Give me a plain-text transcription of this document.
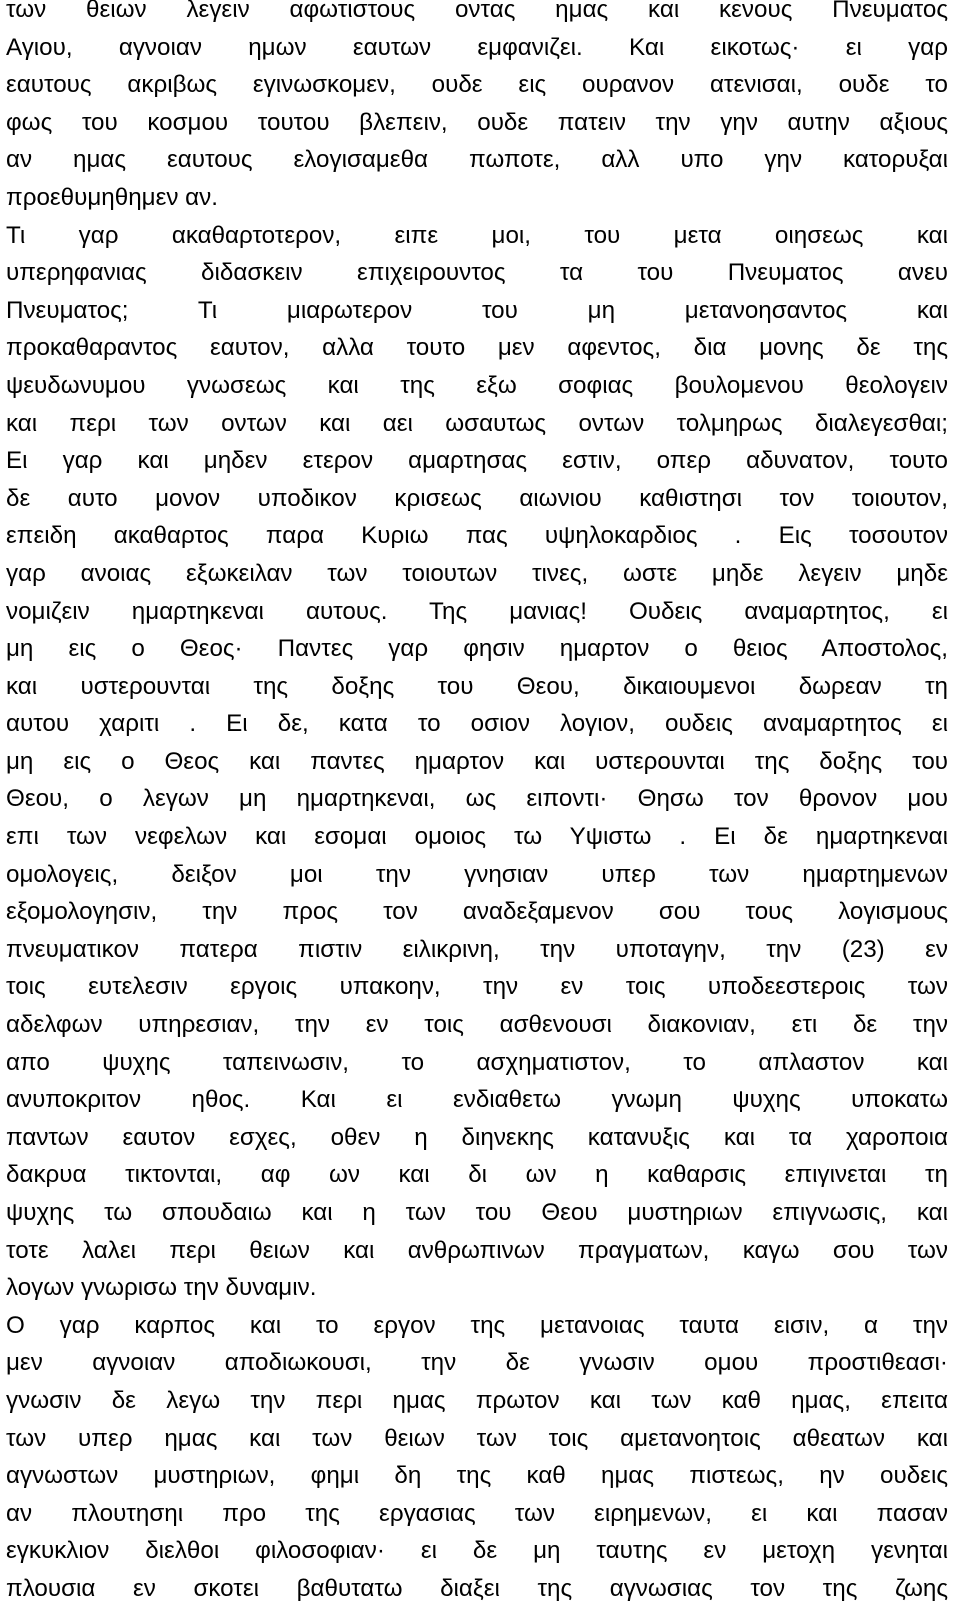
των θειων λεγειν αφωτιστους οντας ημας και κενους Πνευματος
Αγιου, αγνοιαν ημων εαυτων εμφανιζει. Και εικοτως· ει γαρ
εαυτους ακριβως εγινωσκομεν, ουδε εις ουρανον ατενισαι, ουδε το
φως του κοσμου τουτου βλεπειν, ουδε πατειν την γην αυτην αξιους
αν ημας εαυτους ελογισαμεθα πωποτε, αλλ υπο γην κατορυξαι
προεθυμηθημεν αν.
Τι γαρ ακαθαρτοτερον, ειπε μοι, του μετα οιησεως και
υπερηφανιας διδασκειν επιχειρουντος τα του Πνευματος ανευ
Πνευματος; Τι μιαρωτερον του μη μετανοησαντος και
προκαθαραντος εαυτον, αλλα τουτο μεν αφεντος, δια μονης δε της
ψευδωνυμου γνωσεως και της εξω σοφιας βουλομενου θεολογειν
και περι των οντων και αει ωσαυτως οντων τολμηρως διαλεγεσθαι;
Ει γαρ και μηδεν ετερον αμαρτησας εστιν, οπερ αδυνατον, τουτο
δε αυτο μονον υποδικον κρισεως αιωνιου καθιστησι τον τοιουτον,
επειδη ακαθαρτος παρα Κυριω πας υψηλοκαρδιος . Εις τοσουτον
γαρ ανοιας εξωκειλαν των τοιουτων τινες, ωστε μηδε λεγειν μηδε
νομιζειν ημαρτηκεναι αυτους. Της μανιας! Ουδεις αναμαρτητος, ει
μη εις ο Θεος· Παντες γαρ φησιν ημαρτον ο θειος Αποστολος,
και υστερουνται της δοξης του Θεου, δικαιουμενοι δωρεαν τη
αυτου χαριτι . Ει δε, κατα το οσιον λογιον, ουδεις αναμαρτητος ει
μη εις ο Θεος και παντες ημαρτον και υστερουνται της δοξης του
Θεου, ο λεγων μη ημαρτηκεναι, ως ειποντι· Θησω τον θρονον μου
επι των νεφελων και εσομαι ομοιος τω Υψιστω . Ει δε ημαρτηκεναι
ομολογεις, δειξον μοι την γνησιαν υπερ των ημαρτημενων
εξομολογησιν, την προς τον αναδεξαμενον σου τους λογισμους
πνευματικον πατερα πιστιν ειλικρινη, την υποταγην, την (23) εν
τοις ευτελεσιν εργοις υπακοην, την εν τοις υποδεεστεροις των
αδελφων υπηρεσιαν, την εν τοις ασθενουσι διακονιαν, ετι δε την
απο ψυχης ταπεινωσιν, το ασχηματιστον, το απλαστον και
ανυποκριτον ηθος. Και ει ενδιαθετω γνωμη ψυχης υποκατω
παντων εαυτον εσχες, οθεν η διηνεκης κατανυξις και τα χαροποια
δακρυα τικτονται, αφ ων και δι ων η καθαρσις επιγινεται τη
ψυχης τω σπουδαιω και η των του Θεου μυστηριων επιγνωσις, και
τοτε λαλει περι θειων και ανθρωπινων πραγματων, καγω σου των
λογων γνωρισω την δυναμιν.
Ο γαρ καρπος και το εργον της μετανοιας ταυτα εισιν, α την
μεν αγνοιαν αποδιωκουσι, την δε γνωσιν ομου προστιθεασι·
γνωσιν δε λεγω την περι ημας πρωτον και των καθ ημας, επειτα
των υπερ ημας και των θειων των τοις αμετανοητοις αθεατων και
αγνωστων μυστηριων, φημι δη της καθ ημας πιστεως, ην ουδεις
αν πλουτησηι προ της εργασιας των ειρημενων, ει και πασαν
εγκυκλιον διελθοι φιλοσοφιαν· ει δε μη ταυτης εν μετοχη γενηται
πλουσια εν σκοτει βαθυτατω διαξει της αγνωσιας τον της ζωης
